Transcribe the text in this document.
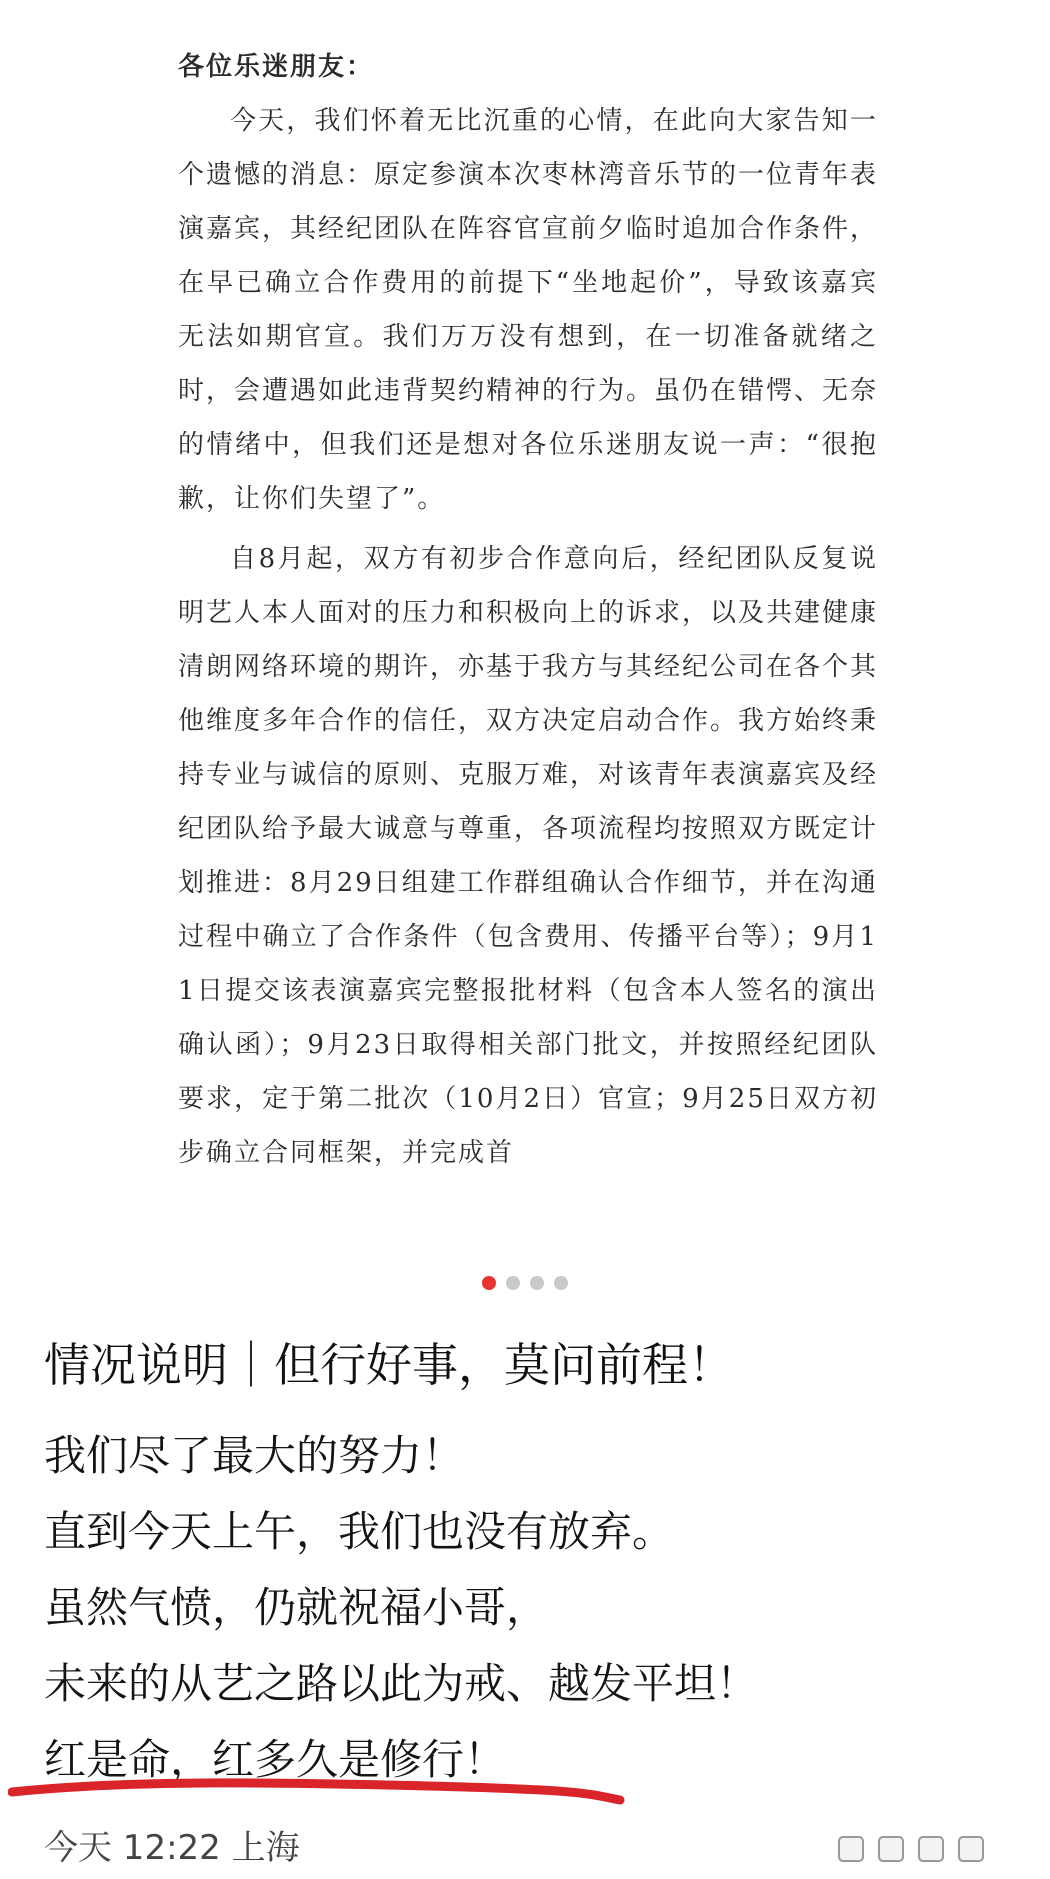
各位乐迷朋友：

今天，我们怀着无比沉重的心情，在此向大家告知一个遗憾的消息：原定参演本次枣林湾音乐节的一位青年表演嘉宾，其经纪团队在阵容官宣前夕临时追加合作条件，在早已确立合作费用的前提下“坐地起价”，导致该嘉宾无法如期官宣。我们万万没有想到，在一切准备就绪之时，会遭遇如此违背契约精神的行为。虽仍在错愕、无奈的情绪中，但我们还是想对各位乐迷朋友说一声：“很抱歉，让你们失望了”。

自8月起，双方有初步合作意向后，经纪团队反复说明艺人本人面对的压力和积极向上的诉求，以及共建健康清朗网络环境的期许，亦基于我方与其经纪公司在各个其他维度多年合作的信任，双方决定启动合作。我方始终秉持专业与诚信的原则、克服万难，对该青年表演嘉宾及经纪团队给予最大诚意与尊重，各项流程均按照双方既定计划推进：8月29日组建工作群组确认合作细节，并在沟通过程中确立了合作条件（包含费用、传播平台等）；9月11日提交该表演嘉宾完整报批材料（包含本人签名的演出确认函）；9月23日取得相关部门批文，并按照经纪团队要求，定于第二批次（10月2日）官宣；9月25日双方初步确立合同框架，并完成首

情况说明｜但行好事，莫问前程！
我们尽了最大的努力！
直到今天上午，我们也没有放弃。
虽然气愤，仍就祝福小哥，
未来的从艺之路以此为戒、越发平坦！
红是命，红多久是修行！
今天 12:22 上海
